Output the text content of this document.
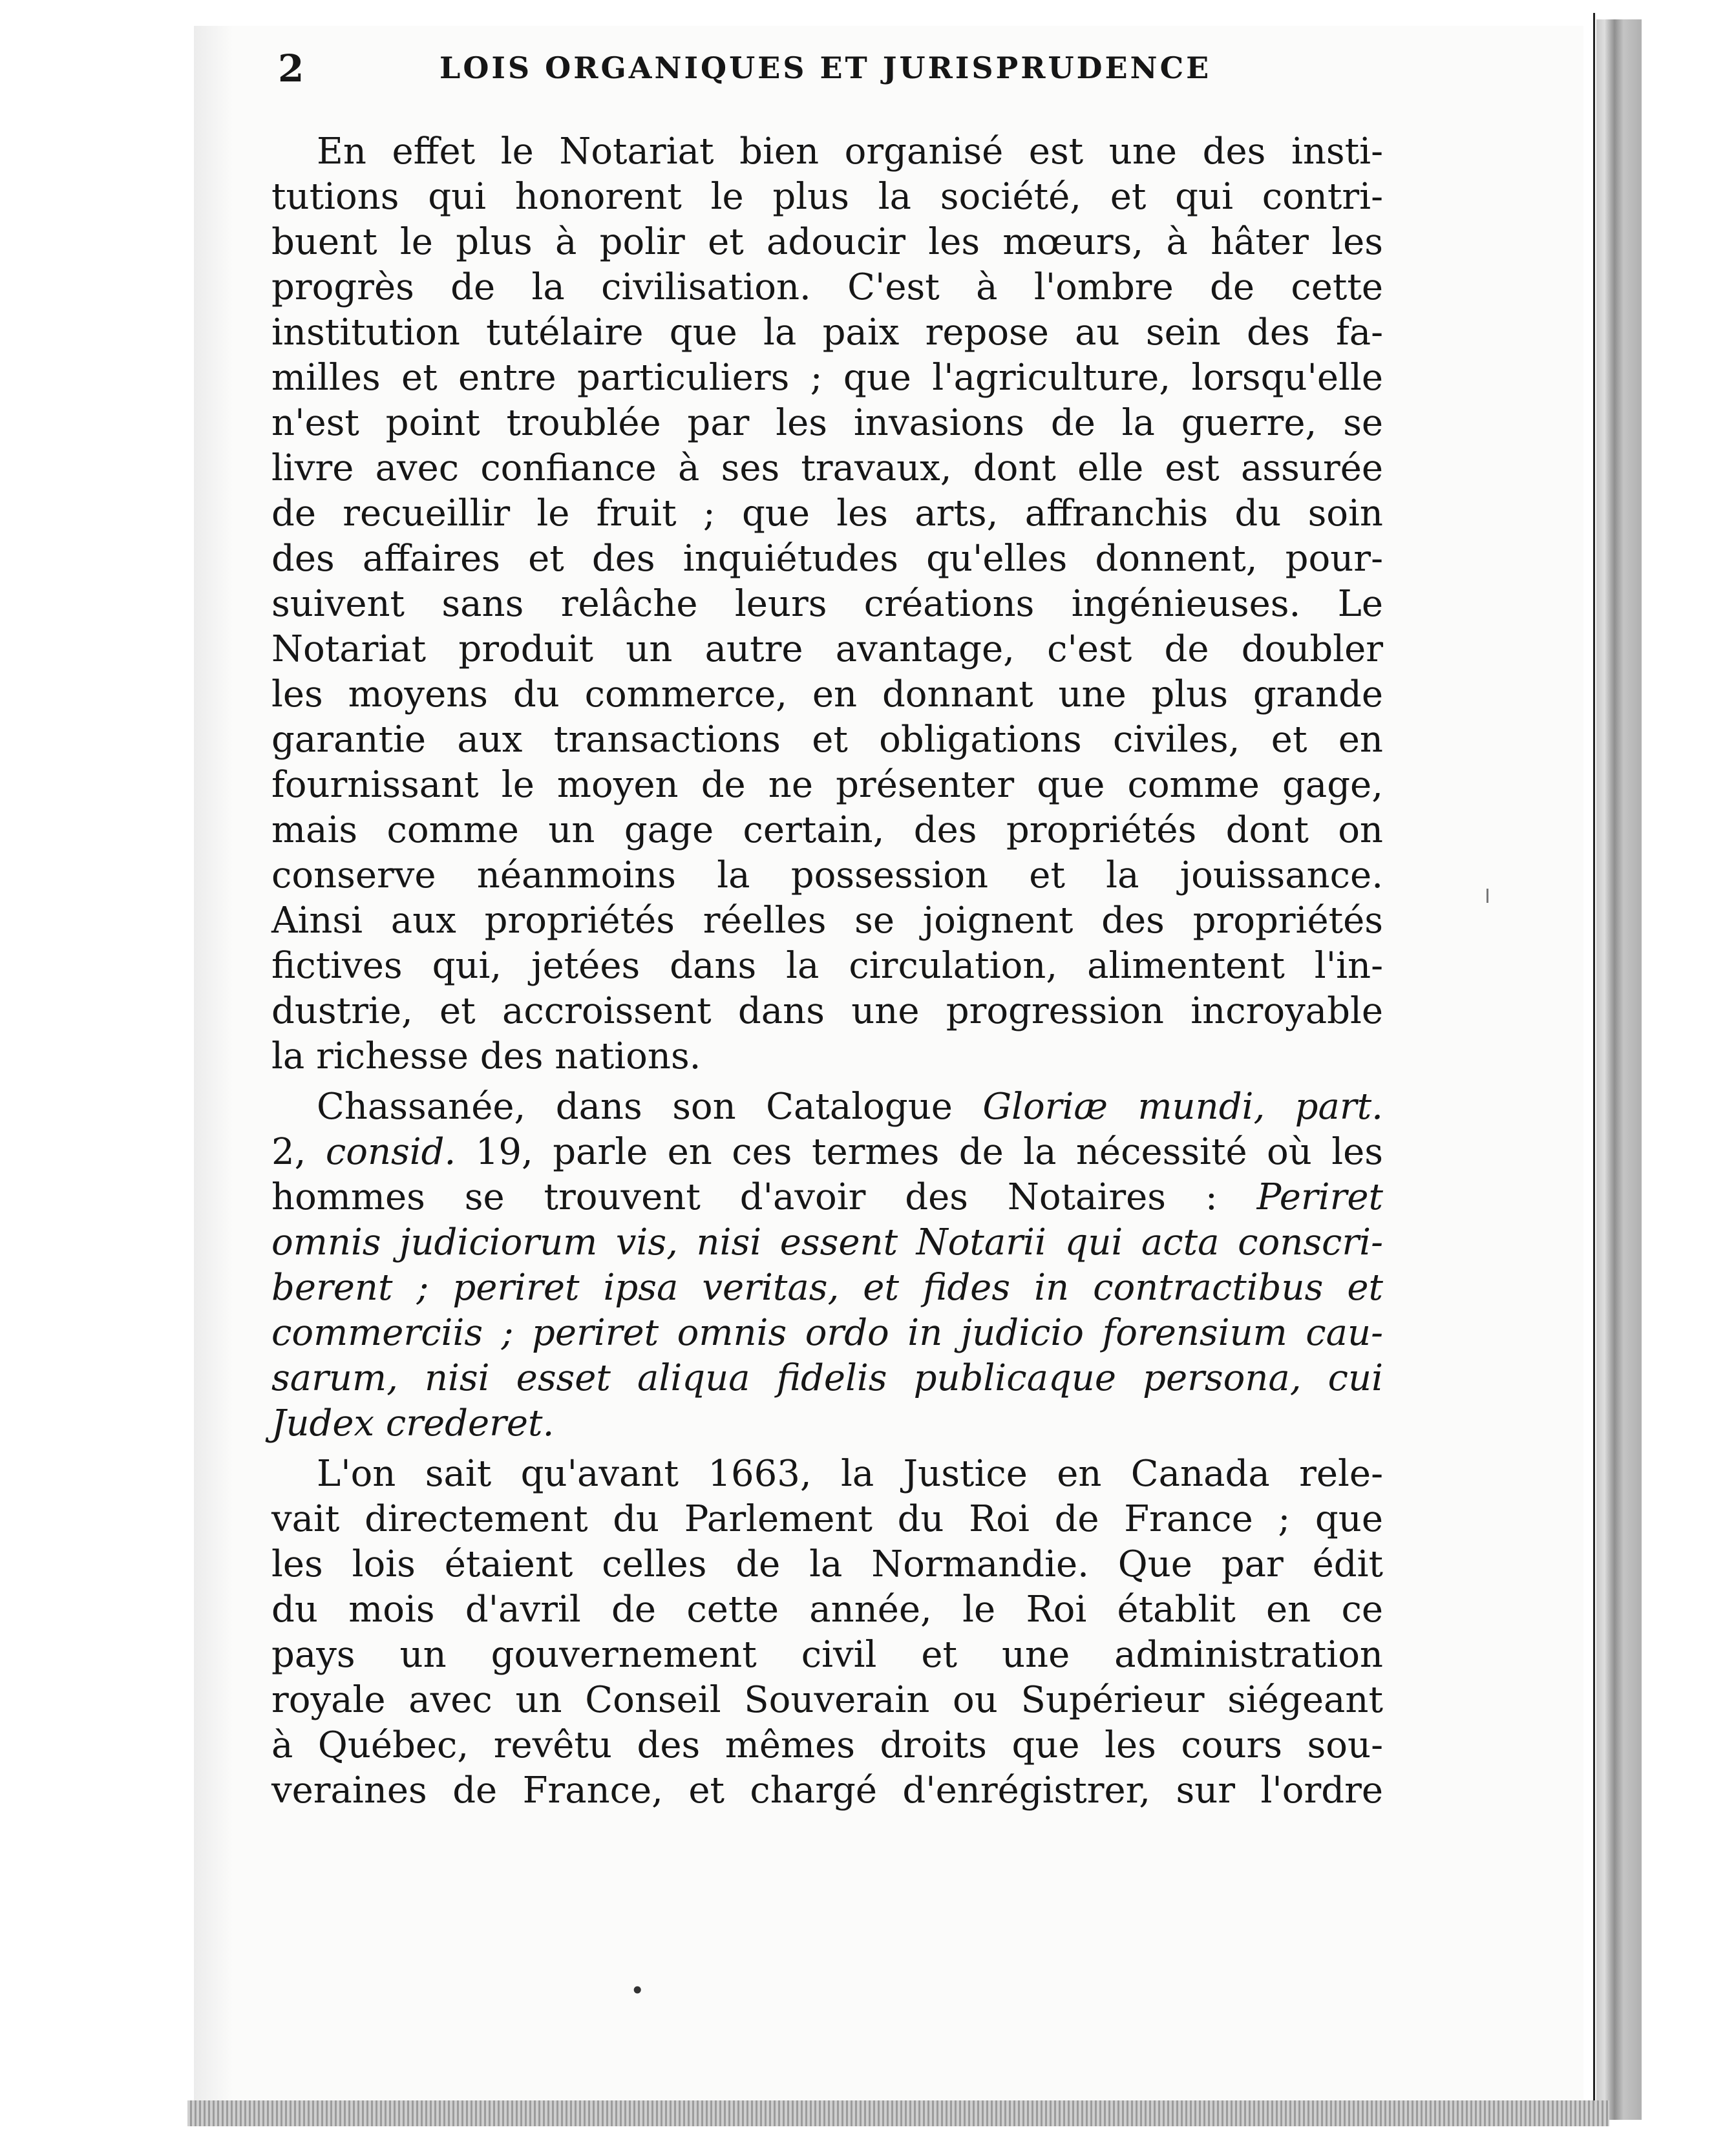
2	LOIS ORGANIQUES ET JURISPRUDENCE
En effet le Notariat bien organisé est une des insti-
tutions qui honorent le plus la société, et qui contri-
buent le plus à polir et adoucir les mœurs, à hâter les
progrès de la civilisation. C'est à l'ombre de cette
institution tutélaire que la paix repose au sein des fa-
milles et entre particuliers ; que l'agriculture, lorsqu'elle
n'est point troublée par les invasions de la guerre, se
livre avec confiance à ses travaux, dont elle est assurée
de recueillir le fruit ; que les arts, affranchis du soin
des affaires et des inquiétudes qu'elles donnent, pour-
suivent sans relâche leurs créations ingénieuses. Le
Notariat produit un autre avantage, c'est de doubler
les moyens du commerce, en donnant une plus grande
garantie aux transactions et obligations civiles, et en
fournissant le moyen de ne présenter que comme gage,
mais comme un gage certain, des propriétés dont on
conserve néanmoins la possession et la jouissance.
Ainsi aux propriétés réelles se joignent des propriétés
fictives qui, jetées dans la circulation, alimentent l'in-
dustrie, et accroissent dans une progression incroyable
la richesse des nations.
Chassanée, dans son Catalogue Gloriæ mundi, part.
2, consid. 19, parle en ces termes de la nécessité où les
hommes se trouvent d'avoir des Notaires : Periret
omnis judiciorum vis, nisi essent Notarii qui acta conscri-
berent ; periret ipsa veritas, et fides in contractibus et
commerciis ; periret omnis ordo in judicio forensium cau-
sarum, nisi esset aliqua fidelis publicaque persona, cui
Judex crederet.
L'on sait qu'avant 1663, la Justice en Canada rele-
vait directement du Parlement du Roi de France ; que
les lois étaient celles de la Normandie. Que par édit
du mois d'avril de cette année, le Roi établit en ce
pays un gouvernement civil et une administration
royale avec un Conseil Souverain ou Supérieur siégeant
à Québec, revêtu des mêmes droits que les cours sou-
veraines de France, et chargé d'enrégistrer, sur l'ordre
•
